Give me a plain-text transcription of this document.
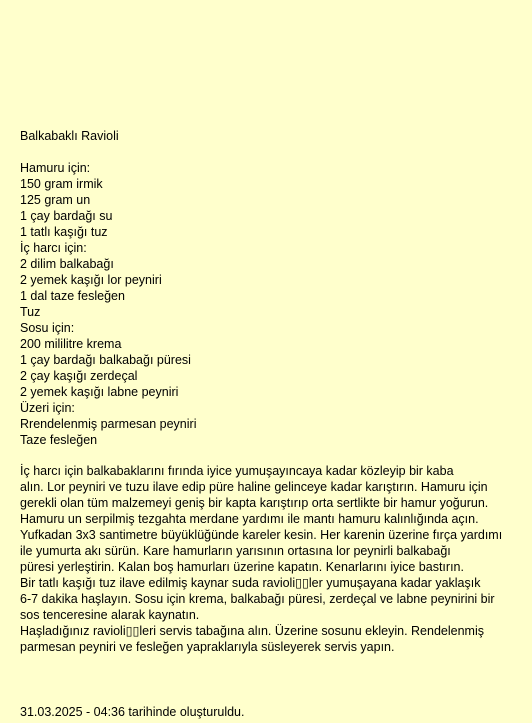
Balkabaklı Ravioli
Hamuru için:
150 gram irmik
125 gram un
1 çay bardağı su
1 tatlı kaşığı tuz
İç harcı için:
2 dilim balkabağı
2 yemek kaşığı lor peyniri
1 dal taze fesleğen
Tuz
Sosu için:
200 mililitre krema
1 çay bardağı balkabağı püresi
2 çay kaşığı zerdeçal
2 yemek kaşığı labne peyniri
Üzeri için:
Rrendelenmiş parmesan peyniri
Taze fesleğen
İç harcı için balkabaklarını fırında iyice yumuşayıncaya kadar közleyip bir kaba
alın. Lor peyniri ve tuzu ilave edip püre haline gelinceye kadar karıştırın. Hamuru için
gerekli olan tüm malzemeyi geniş bir kapta karıştırıp orta sertlikte bir hamur yoğurun.
Hamuru un serpilmiş tezgahta merdane yardımı ile mantı hamuru kalınlığında açın.
Yufkadan 3x3 santimetre büyüklüğünde kareler kesin. Her karenin üzerine fırça yardımı
ile yumurta akı sürün. Kare hamurların yarısının ortasına lor peynirli balkabağı
püresi yerleştirin. Kalan boş hamurları üzerine kapatın. Kenarlarını iyice bastırın.
Bir tatlı kaşığı tuz ilave edilmiş kaynar suda ravioli▯▯ler yumuşayana kadar yaklaşık
6-7 dakika haşlayın. Sosu için krema, balkabağı püresi, zerdeçal ve labne peynirini bir
sos tenceresine alarak kaynatın.
Haşladığınız ravioli▯▯leri servis tabağına alın. Üzerine sosunu ekleyin. Rendelenmiş
parmesan peyniri ve fesleğen yapraklarıyla süsleyerek servis yapın.
31.03.2025 - 04:36 tarihinde oluşturuldu.
